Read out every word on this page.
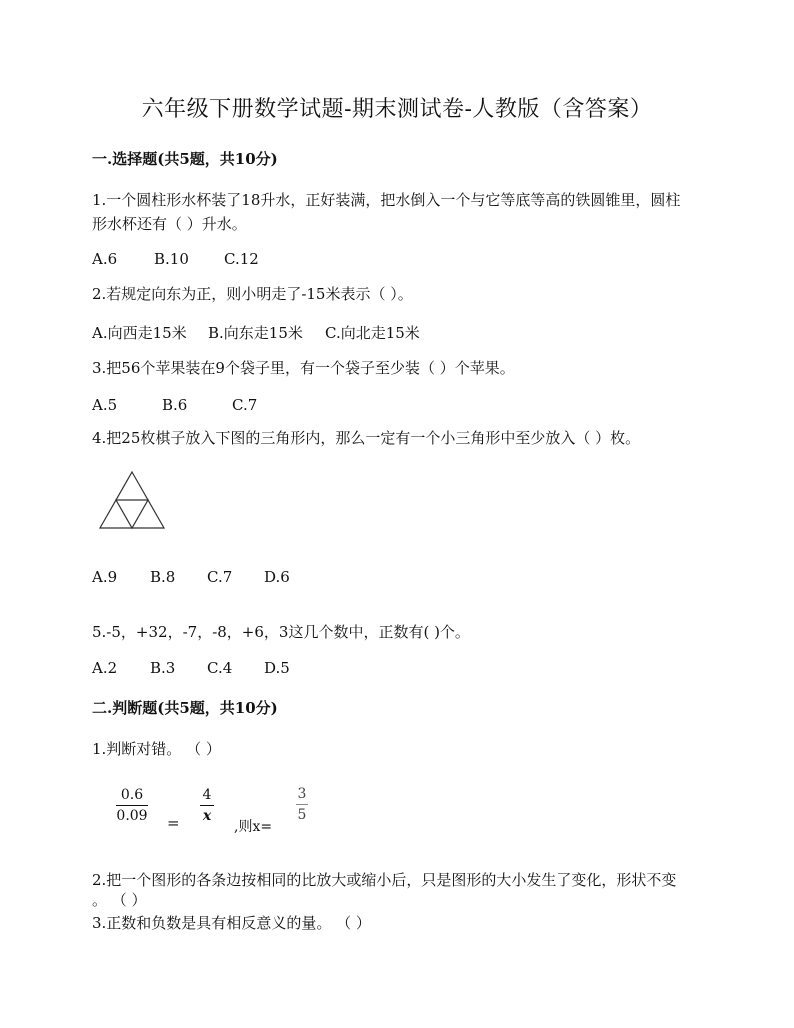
六年级下册数学试题-期末测试卷-人教版（含答案）
一.选择题(共5题，共10分)
1.一个圆柱形水杯装了18升水，正好装满，把水倒入一个与它等底等高的铁圆锥里，圆柱
形水杯还有（ ）升水。
A.6 B.10 C.12
2.若规定向东为正，则小明走了-15米表示（ ）。
A.向西走15米 B.向东走15米 C.向北走15米
3.把56个苹果装在9个袋子里，有一个袋子至少装（ ）个苹果。
A.5	B.6	C.7
4.把25枚棋子放入下图的三角形内，那么一定有一个小三角形中至少放入（ ）枚。
A.9 B.8 C.7 D.6
5.-5，+32，-7，-8，+6，3这几个数中，正数有( )个。
A.2 B.3 C.4 D.5
二.判断题(共5题，共10分)
1.判断对错。 （ ）
0.6
0.09 =
4
x
,则x=
3
5
2.把一个图形的各条边按相同的比放大或缩小后，只是图形的大小发生了变化，形状不变
。 （ ）
3.正数和负数是具有相反意义的量。 （ ）
